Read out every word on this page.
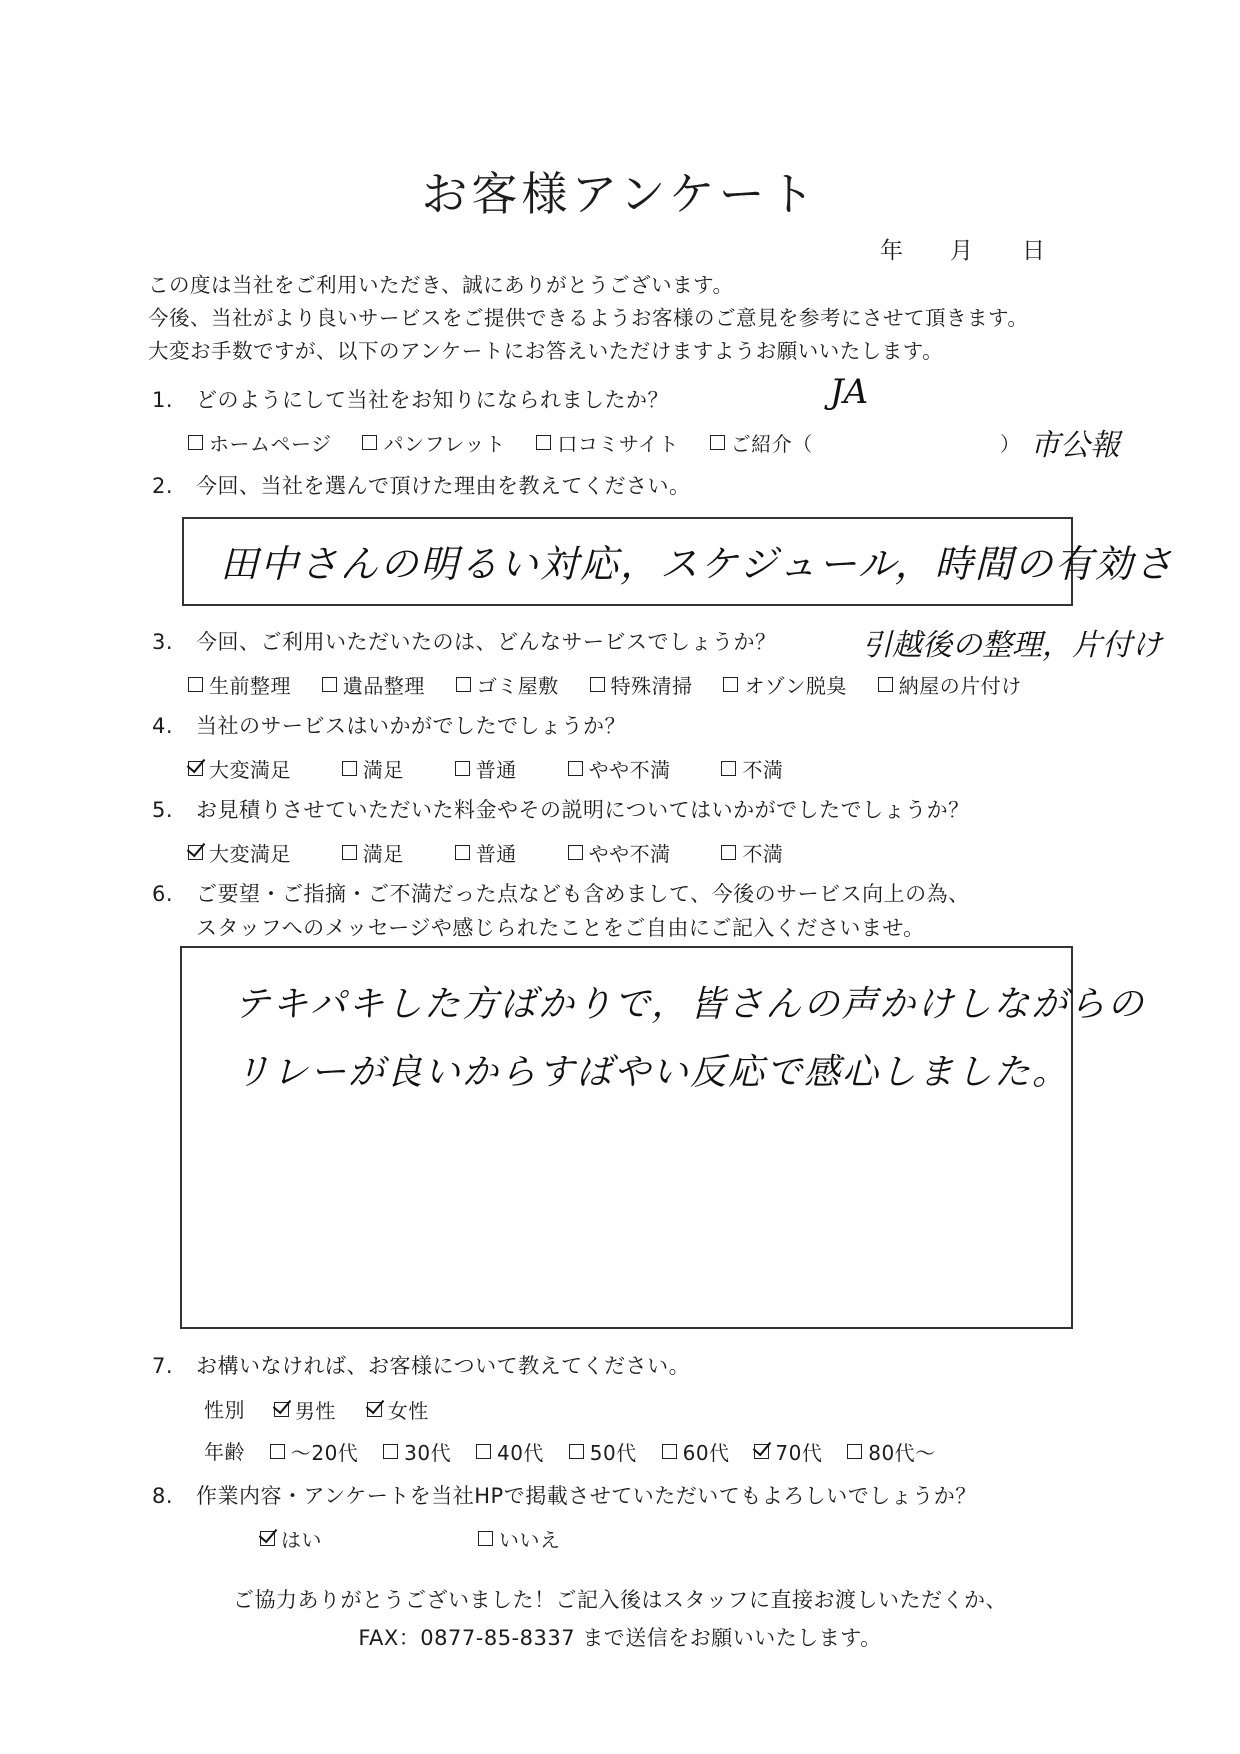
お客様アンケート
年 月 日
この度は当社をご利用いただき、誠にありがとうございます。
今後、当社がより良いサービスをご提供できるようお客様のご意見を参考にさせて頂きます。
大変お手数ですが、以下のアンケートにお答えいただけますようお願いいたします。
1. どのようにして当社をお知りになられましたか？	JA
ホームページ
	パンフレット
	口コミサイト
	ご紹介（	） 市公報
2. 今回、当社を選んで頂けた理由を教えてください。
田中さんの明るい対応，スケジュール，時間の有効さ
3. 今回、ご利用いただいたのは、どんなサービスでしょうか？	引越後の整理，片付け
生前整理
	遺品整理
	ゴミ屋敷
	特殊清掃
	オゾン脱臭
	納屋の片付け
4. 当社のサービスはいかがでしたでしょうか？
大変満足
	満足
	普通
	やや不満
	不満
5. お見積りさせていただいた料金やその説明についてはいかがでしたでしょうか？
大変満足
	満足
	普通
	やや不満
	不満
6. ご要望・ご指摘・ご不満だった点なども含めまして、今後のサービス向上の為、
スタッフへのメッセージや感じられたことをご自由にご記入くださいませ。
テキパキした方ばかりで，皆さんの声かけしながらの
リレーが良いからすばやい反応で感心しました。
7. お構いなければ、お客様について教えてください。
性別 男性
	女性
年齢 〜20代
30代
40代
50代
60代
70代
80代〜
8. 作業内容・アンケートを当社HPで掲載させていただいてもよろしいでしょうか？
はい	いいえ
ご協力ありがとうございました！ご記入後はスタッフに直接お渡しいただくか、
FAX：0877-85-8337 まで送信をお願いいたします。
